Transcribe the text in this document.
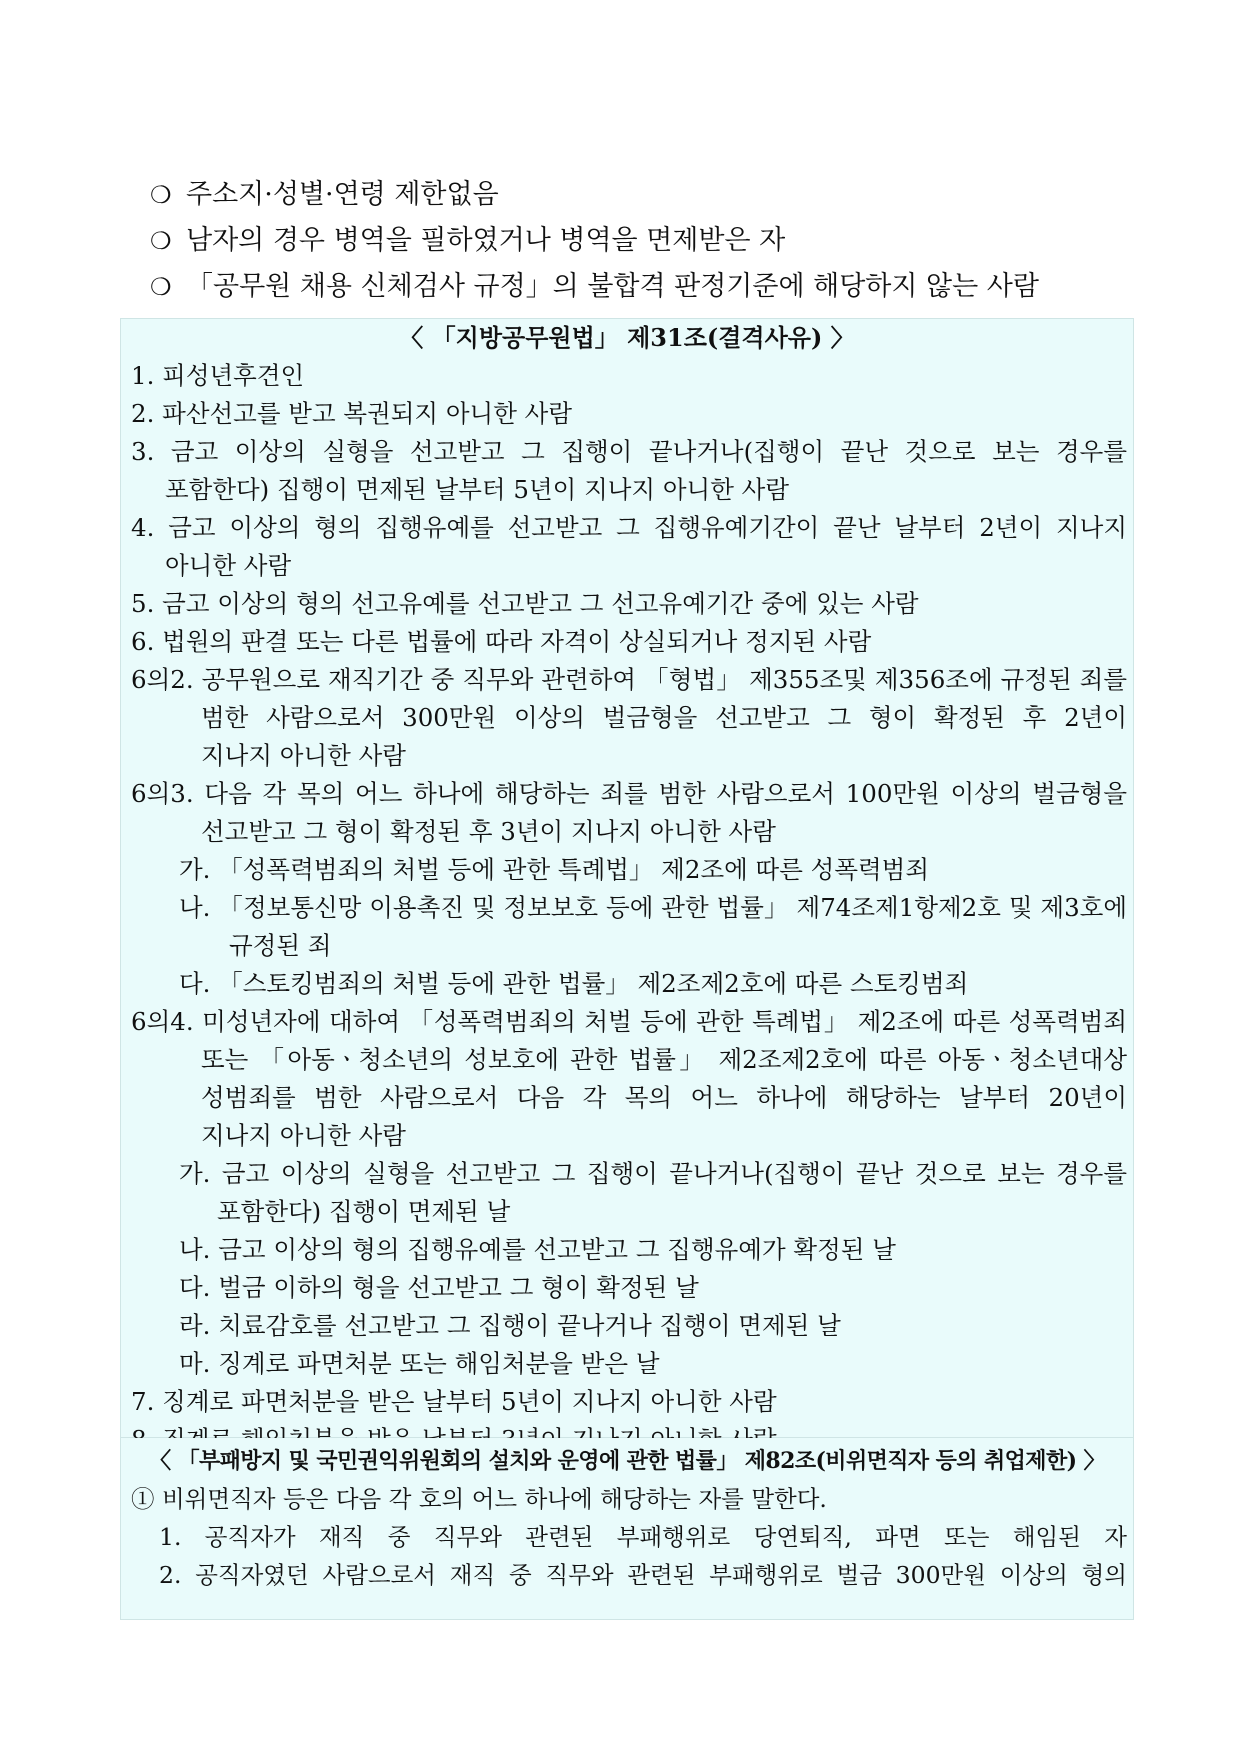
❍ 주소지·성별·연령 제한없음
❍ 남자의 경우 병역을 필하였거나 병역을 면제받은 자
❍ 「공무원 채용 신체검사 규정」의 불합격 판정기준에 해당하지 않는 사람
〈 「지방공무원법」 제31조(결격사유) 〉
1. 피성년후견인
2. 파산선고를 받고 복권되지 아니한 사람
3. 금고 이상의 실형을 선고받고 그 집행이 끝나거나(집행이 끝난 것으로 보는 경우를
포함한다) 집행이 면제된 날부터 5년이 지나지 아니한 사람
4. 금고 이상의 형의 집행유예를 선고받고 그 집행유예기간이 끝난 날부터 2년이 지나지
아니한 사람
5. 금고 이상의 형의 선고유예를 선고받고 그 선고유예기간 중에 있는 사람
6. 법원의 판결 또는 다른 법률에 따라 자격이 상실되거나 정지된 사람
6의2. 공무원으로 재직기간 중 직무와 관련하여 「형법」 제355조및 제356조에 규정된 죄를
범한 사람으로서 300만원 이상의 벌금형을 선고받고 그 형이 확정된 후 2년이
지나지 아니한 사람
6의3. 다음 각 목의 어느 하나에 해당하는 죄를 범한 사람으로서 100만원 이상의 벌금형을
선고받고 그 형이 확정된 후 3년이 지나지 아니한 사람
가. 「성폭력범죄의 처벌 등에 관한 특례법」 제2조에 따른 성폭력범죄
나. 「정보통신망 이용촉진 및 정보보호 등에 관한 법률」 제74조제1항제2호 및 제3호에
규정된 죄
다. 「스토킹범죄의 처벌 등에 관한 법률」 제2조제2호에 따른 스토킹범죄
6의4. 미성년자에 대하여 「성폭력범죄의 처벌 등에 관한 특례법」 제2조에 따른 성폭력범죄
또는 「아동ㆍ청소년의 성보호에 관한 법률」 제2조제2호에 따른 아동ㆍ청소년대상
성범죄를 범한 사람으로서 다음 각 목의 어느 하나에 해당하는 날부터 20년이
지나지 아니한 사람
가. 금고 이상의 실형을 선고받고 그 집행이 끝나거나(집행이 끝난 것으로 보는 경우를
포함한다) 집행이 면제된 날
나. 금고 이상의 형의 집행유예를 선고받고 그 집행유예가 확정된 날
다. 벌금 이하의 형을 선고받고 그 형이 확정된 날
라. 치료감호를 선고받고 그 집행이 끝나거나 집행이 면제된 날
마. 징계로 파면처분 또는 해임처분을 받은 날
7. 징계로 파면처분을 받은 날부터 5년이 지나지 아니한 사람
〈 「부패방지 및 국민권익위원회의 설치와 운영에 관한 법률」 제82조(비위면직자 등의 취업제한) 〉
① 비위면직자 등은 다음 각 호의 어느 하나에 해당하는 자를 말한다.
1. 공직자가 재직 중 직무와 관련된 부패행위로 당연퇴직, 파면 또는 해임된 자
2. 공직자였던 사람으로서 재직 중 직무와 관련된 부패행위로 벌금 300만원 이상의 형의
